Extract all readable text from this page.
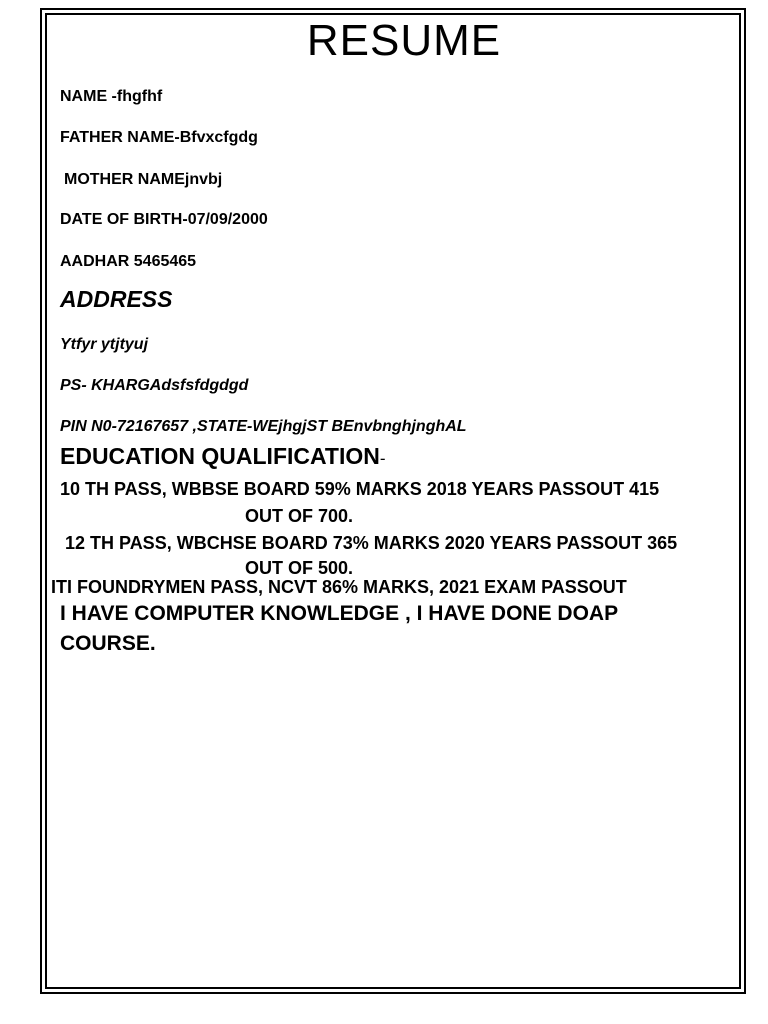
RESUME
NAME -fhgfhf
FATHER NAME-Bfvxcfgdg
MOTHER NAMEjnvbj
DATE OF BIRTH-07/09/2000
AADHAR 5465465
ADDRESS
Ytfyr ytjtyuj
PS- KHARGAdsfsfdgdgd
PIN N0-72167657 ,STATE-WEjhgjST BEnvbnghjnghAL
EDUCATION QUALIFICATION-
10 TH PASS, WBBSE BOARD 59% MARKS 2018 YEARS PASSOUT 415
OUT OF 700.
12 TH PASS, WBCHSE BOARD 73% MARKS 2020 YEARS PASSOUT 365
OUT OF 500.
ITI FOUNDRYMEN PASS, NCVT 86% MARKS, 2021 EXAM PASSOUT
I HAVE COMPUTER KNOWLEDGE , I HAVE DONE DOAP
COURSE.
